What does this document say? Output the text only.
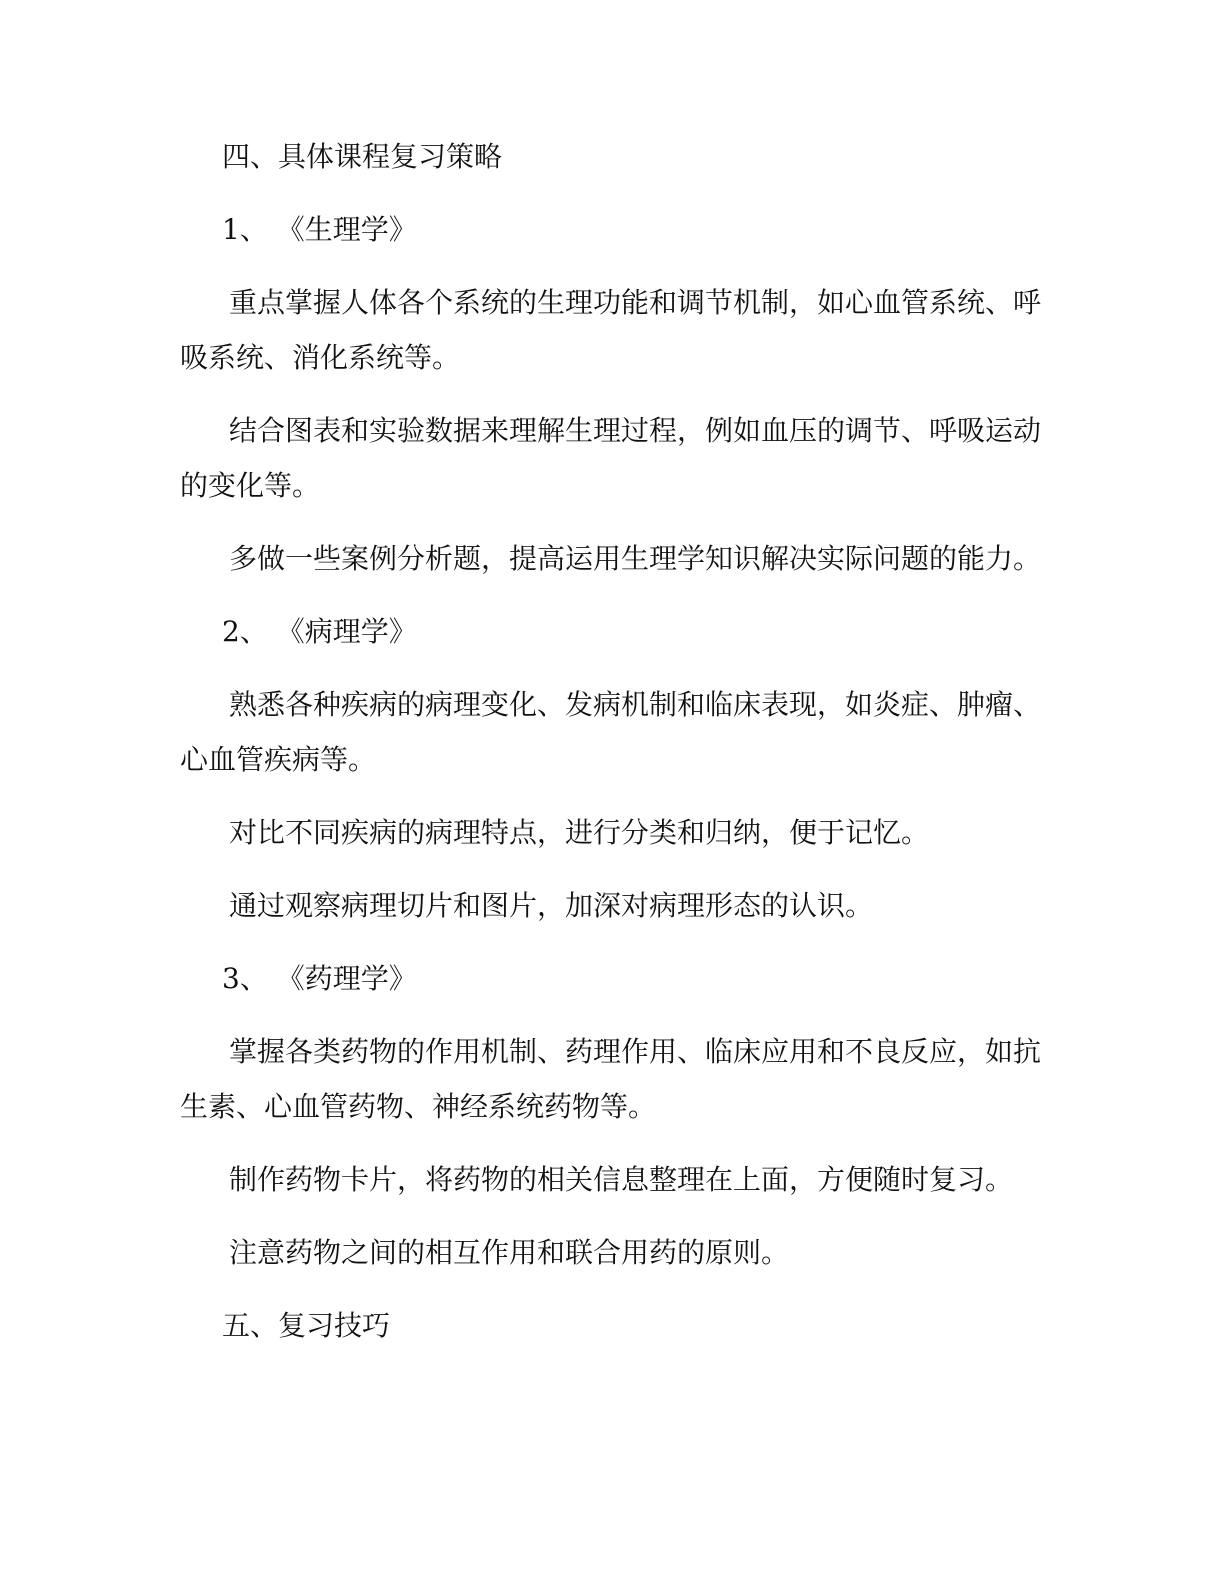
四、具体课程复习策略
1、 《生理学》
重点掌握人体各个系统的生理功能和调节机制，如心血管系统、呼
吸系统、消化系统等。
结合图表和实验数据来理解生理过程，例如血压的调节、呼吸运动
的变化等。
多做一些案例分析题，提高运用生理学知识解决实际问题的能力。
2、 《病理学》
熟悉各种疾病的病理变化、发病机制和临床表现，如炎症、肿瘤、
心血管疾病等。
对比不同疾病的病理特点，进行分类和归纳，便于记忆。
通过观察病理切片和图片，加深对病理形态的认识。
3、 《药理学》
掌握各类药物的作用机制、药理作用、临床应用和不良反应，如抗
生素、心血管药物、神经系统药物等。
制作药物卡片，将药物的相关信息整理在上面，方便随时复习。
注意药物之间的相互作用和联合用药的原则。
五、复习技巧
